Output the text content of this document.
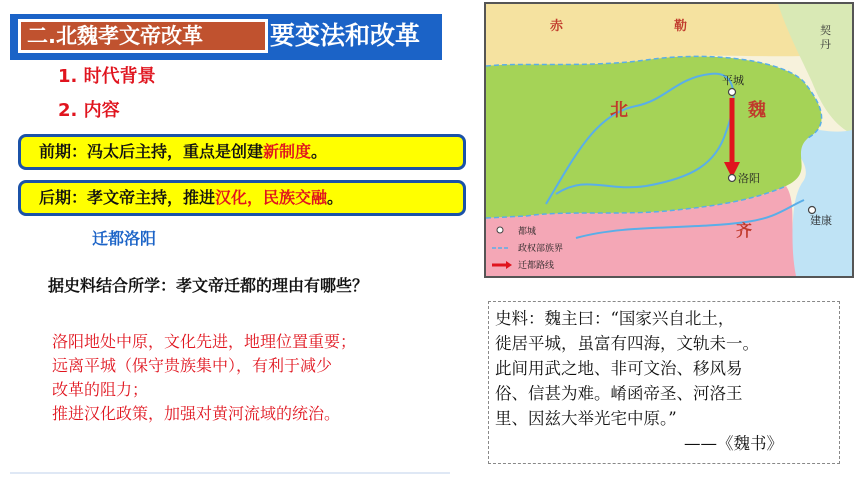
二.北魏孝文帝改革	要变法和改革
1. 时代背景
2. 内容
前期：冯太后主持，重点是创建新制度。
后期：孝文帝主持，推进汉化，民族交融。
迁都洛阳
据史料结合所学：孝文帝迁都的理由有哪些？
洛阳地处中原，文化先进，地理位置重要；
远离平城（保守贵族集中），有利于减少
改革的阻力；
推进汉化政策，加强对黄河流域的统治。
赤	勒	契
丹
北	魏
齐
平城
洛阳
建康
都城
政权部族界
迁都路线
史料：魏主曰：“国家兴自北土，
徙居平城，虽富有四海，文轨未一。
此间用武之地、非可文治、移风易
俗、信甚为难。崤函帝圣、河洛王
里、因兹大举光宅中原。”
——《魏书》
